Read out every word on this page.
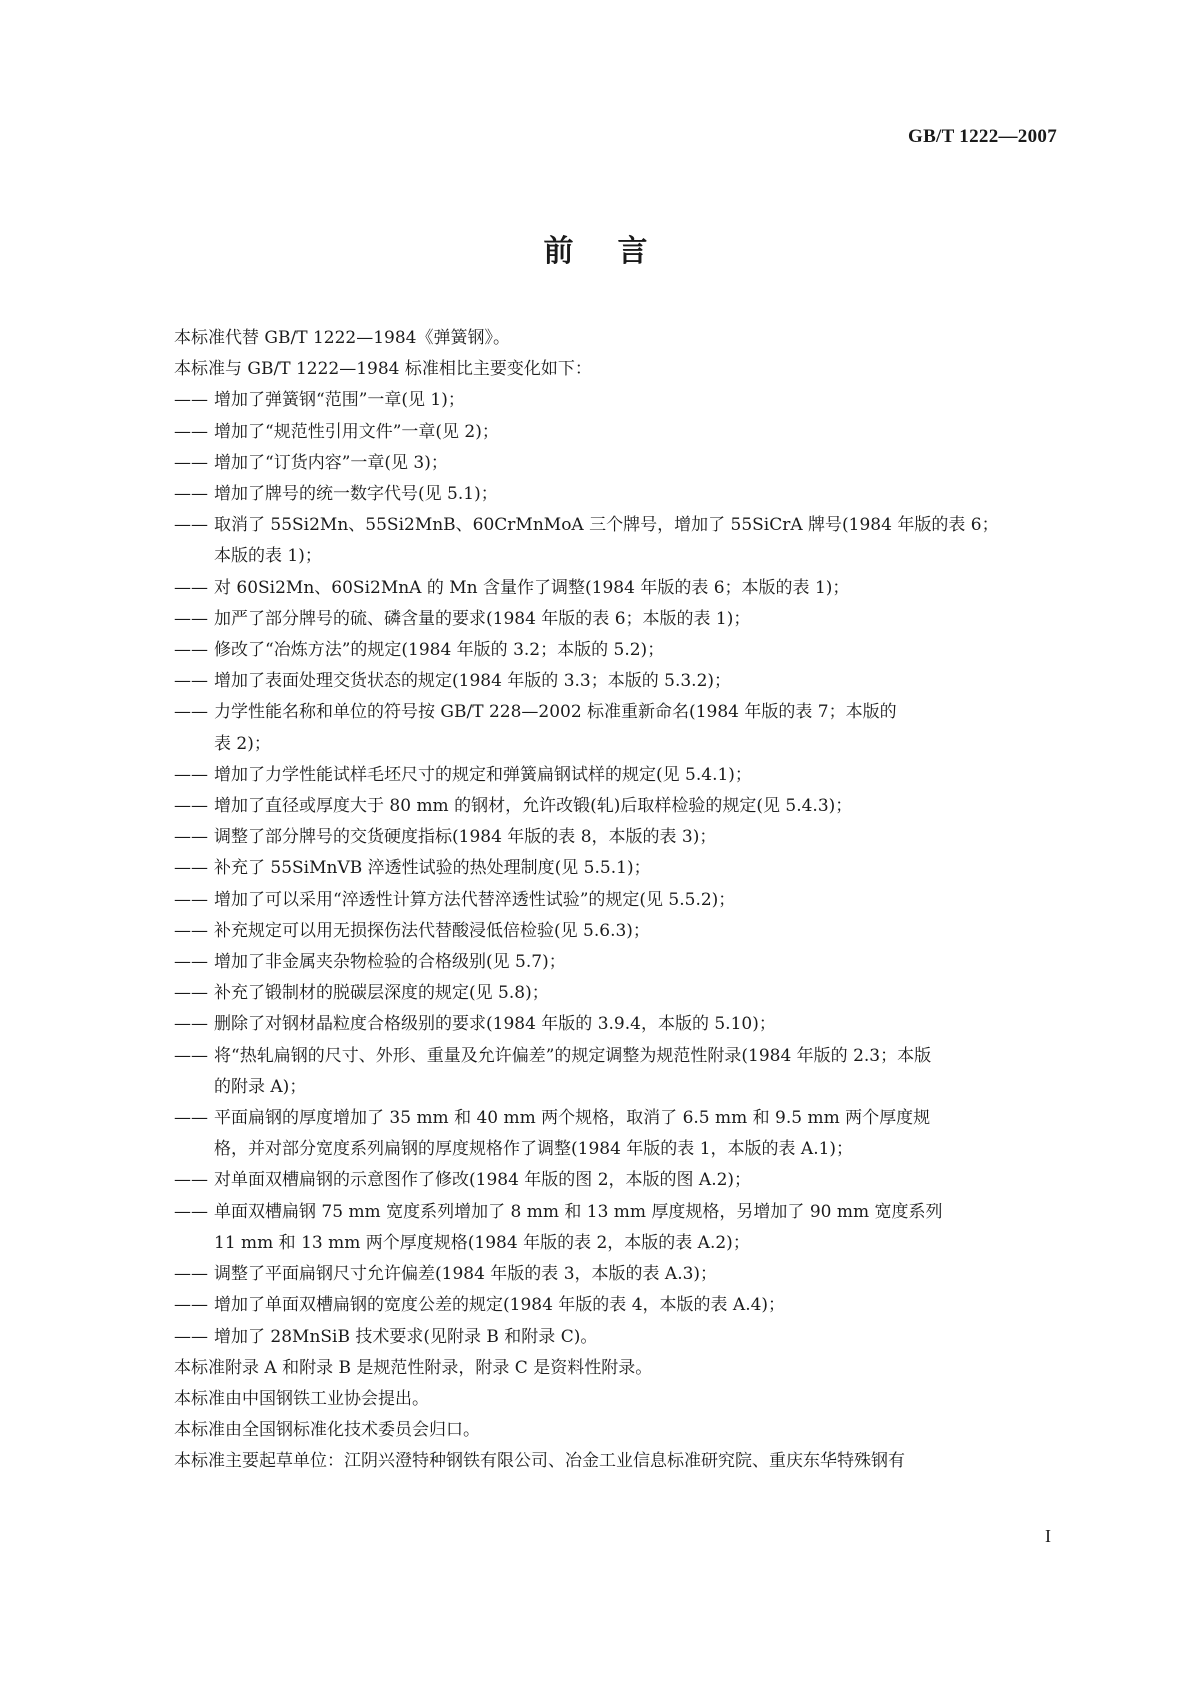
GB/T 1222—2007
前言

本标准代替 GB/T 1222—1984《弹簧钢》。

本标准与 GB/T 1222—1984 标准相比主要变化如下：

—— 增加了弹簧钢“范围”一章(见 1)；

—— 增加了“规范性引用文件”一章(见 2)；

—— 增加了“订货内容”一章(见 3)；

—— 增加了牌号的统一数字代号(见 5.1)；

—— 取消了 55Si2Mn、55Si2MnB、60CrMnMoA 三个牌号，增加了 55SiCrA 牌号(1984 年版的表 6；
本版的表 1)；

—— 对 60Si2Mn、60Si2MnA 的 Mn 含量作了调整(1984 年版的表 6；本版的表 1)；

—— 加严了部分牌号的硫、磷含量的要求(1984 年版的表 6；本版的表 1)；

—— 修改了“冶炼方法”的规定(1984 年版的 3.2；本版的 5.2)；

—— 增加了表面处理交货状态的规定(1984 年版的 3.3；本版的 5.3.2)；

—— 力学性能名称和单位的符号按 GB/T 228—2002 标准重新命名(1984 年版的表 7；本版的
表 2)；

—— 增加了力学性能试样毛坯尺寸的规定和弹簧扁钢试样的规定(见 5.4.1)；

—— 增加了直径或厚度大于 80 mm 的钢材，允许改锻(轧)后取样检验的规定(见 5.4.3)；

—— 调整了部分牌号的交货硬度指标(1984 年版的表 8，本版的表 3)；

—— 补充了 55SiMnVB 淬透性试验的热处理制度(见 5.5.1)；

—— 增加了可以采用“淬透性计算方法代替淬透性试验”的规定(见 5.5.2)；

—— 补充规定可以用无损探伤法代替酸浸低倍检验(见 5.6.3)；

—— 增加了非金属夹杂物检验的合格级别(见 5.7)；

—— 补充了锻制材的脱碳层深度的规定(见 5.8)；

—— 删除了对钢材晶粒度合格级别的要求(1984 年版的 3.9.4，本版的 5.10)；

—— 将“热轧扁钢的尺寸、外形、重量及允许偏差”的规定调整为规范性附录(1984 年版的 2.3；本版
的附录 A)；

—— 平面扁钢的厚度增加了 35 mm 和 40 mm 两个规格，取消了 6.5 mm 和 9.5 mm 两个厚度规
格，并对部分宽度系列扁钢的厚度规格作了调整(1984 年版的表 1，本版的表 A.1)；

—— 对单面双槽扁钢的示意图作了修改(1984 年版的图 2，本版的图 A.2)；

—— 单面双槽扁钢 75 mm 宽度系列增加了 8 mm 和 13 mm 厚度规格，另增加了 90 mm 宽度系列
11 mm 和 13 mm 两个厚度规格(1984 年版的表 2，本版的表 A.2)；

—— 调整了平面扁钢尺寸允许偏差(1984 年版的表 3，本版的表 A.3)；

—— 增加了单面双槽扁钢的宽度公差的规定(1984 年版的表 4，本版的表 A.4)；

—— 增加了 28MnSiB 技术要求(见附录 B 和附录 C)。

本标准附录 A 和附录 B 是规范性附录，附录 C 是资料性附录。

本标准由中国钢铁工业协会提出。

本标准由全国钢标准化技术委员会归口。

本标准主要起草单位：江阴兴澄特种钢铁有限公司、冶金工业信息标准研究院、重庆东华特殊钢有

I
